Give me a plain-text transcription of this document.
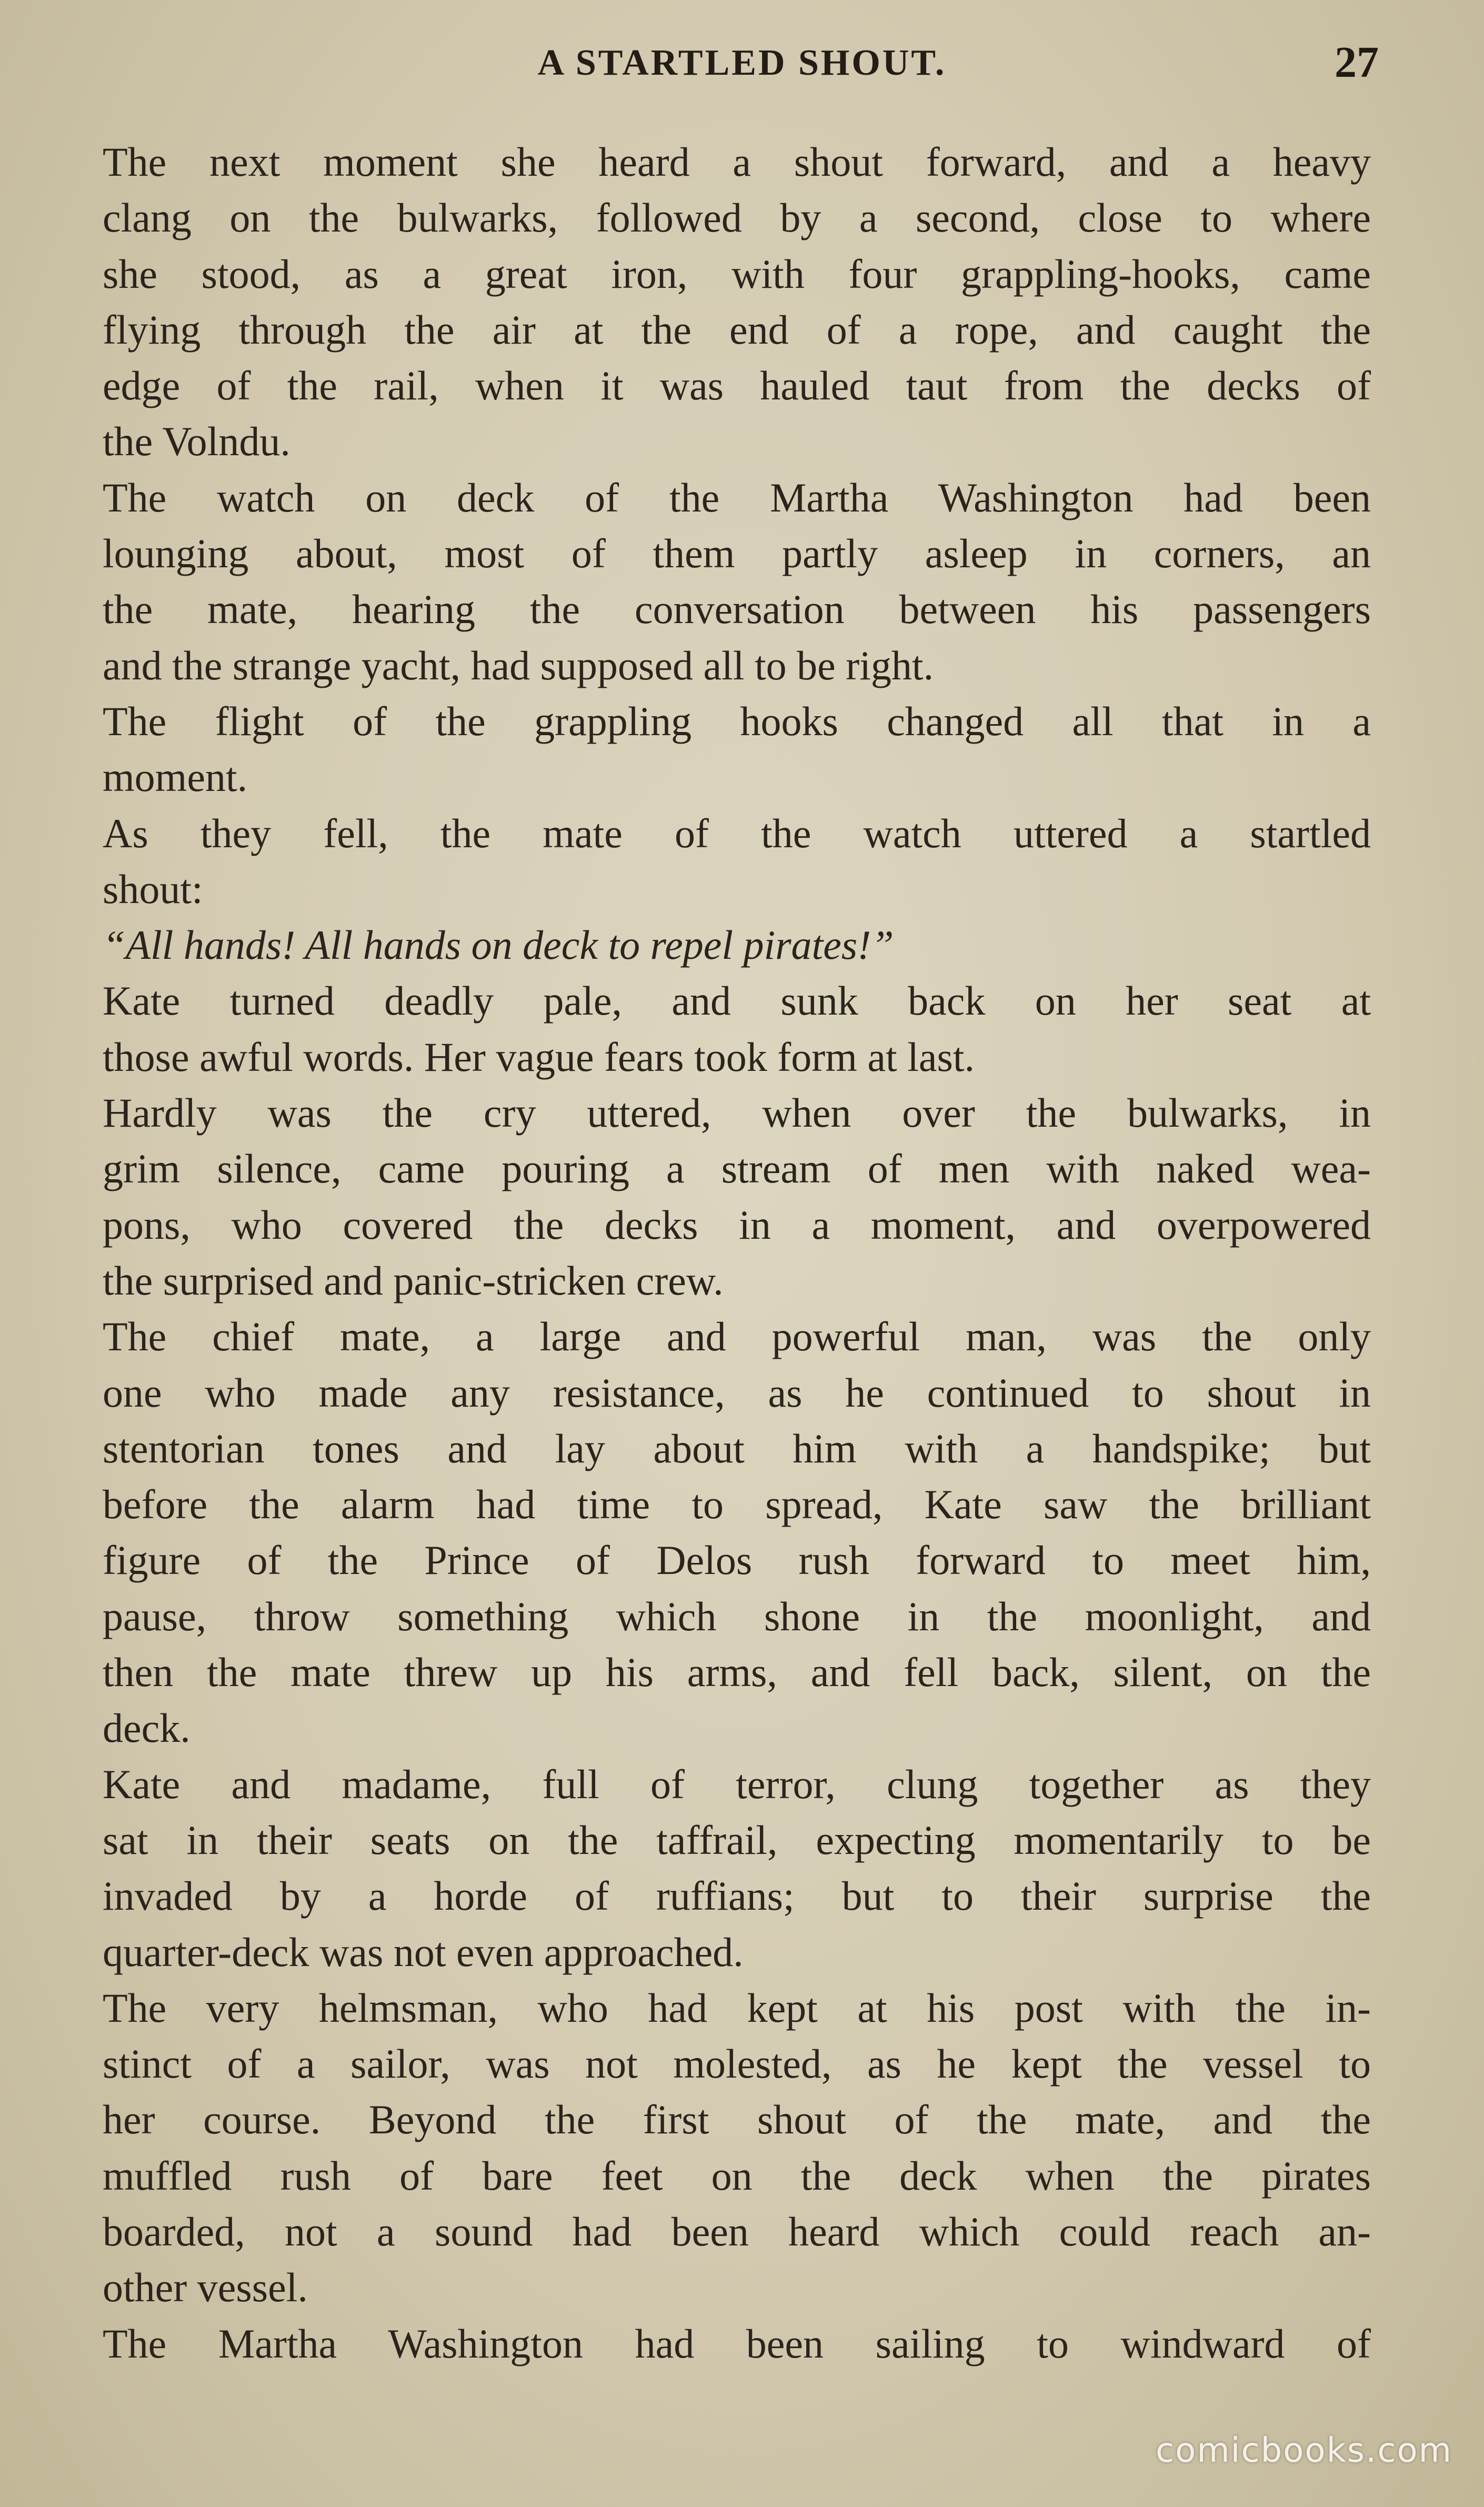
A STARTLED SHOUT.	27
The next moment she heard a shout forward, and a heavy
clang on the bulwarks, followed by a second, close to where
she stood, as a great iron, with four grappling-hooks, came
flying through the air at the end of a rope, and caught the
edge of the rail, when it was hauled taut from the decks of
the Volndu.
The watch on deck of the Martha Washington had been
lounging about, most of them partly asleep in corners, an
the mate, hearing the conversation between his passengers
and the strange yacht, had supposed all to be right.
The flight of the grappling hooks changed all that in a
moment.
As they fell, the mate of the watch uttered a startled
shout:
“All hands! All hands on deck to repel pirates!”
Kate turned deadly pale, and sunk back on her seat at
those awful words. Her vague fears took form at last.
Hardly was the cry uttered, when over the bulwarks, in
grim silence, came pouring a stream of men with naked wea-
pons, who covered the decks in a moment, and overpowered
the surprised and panic-stricken crew.
The chief mate, a large and powerful man, was the only
one who made any resistance, as he continued to shout in
stentorian tones and lay about him with a handspike; but
before the alarm had time to spread, Kate saw the brilliant
figure of the Prince of Delos rush forward to meet him,
pause, throw something which shone in the moonlight, and
then the mate threw up his arms, and fell back, silent, on the
deck.
Kate and madame, full of terror, clung together as they
sat in their seats on the taffrail, expecting momentarily to be
invaded by a horde of ruffians; but to their surprise the
quarter-deck was not even approached.
The very helmsman, who had kept at his post with the in-
stinct of a sailor, was not molested, as he kept the vessel to
her course. Beyond the first shout of the mate, and the
muffled rush of bare feet on the deck when the pirates
boarded, not a sound had been heard which could reach an-
other vessel.
The Martha Washington had been sailing to windward of
comicbooks.com
